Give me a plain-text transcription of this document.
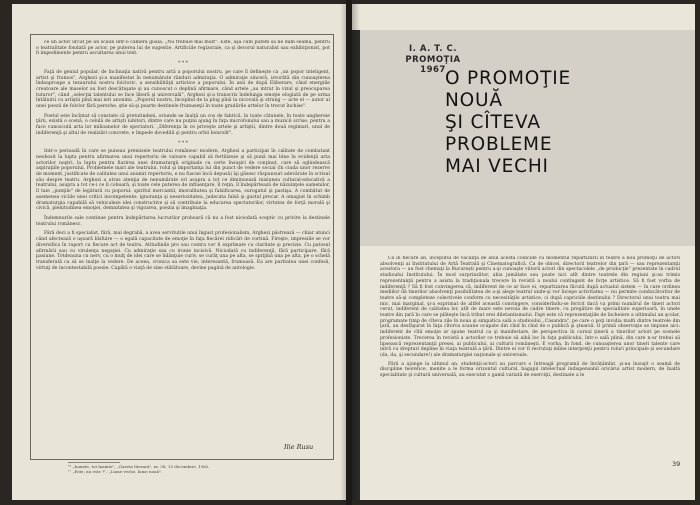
ce un actor urcat pe un scaun într-o cameră goală. „Nu trebuie mai mult". Este, aşa cum putem să ne dăm seama, pentru o teatralitate fondată pe actor, pe puterea lui de sugestie. Artificiile regizorale, ca şi decorul naturalist sau exhibiţionist, pot fi impedimente pentru ascultarea unui text.

* * *

Faţă de geniul popular, de înclinaţia nativă pentru artă a poporului nostru, pe care îl defineşte ca „un popor inteligent, artist şi frumos", Arghezi şi-a manifestat în nenumărate rânduri admiraţia. O admiraţie sinceră, izvorâtă din cunoaşterea îndeaproape a tezaurului nostru folcloric, a sensibilităţii artistice a poporului. În anii de după Eliberare, când energiile creatoare ale maselor au fost descătuşate şi au cunoscut o deplină afirmare, când artele „au intrat în vizul şi preocuparea tuturor", când „selecţia talentului se face liberă şi universală", Arghezi şi-a transcris îndelunga emoţie elogiată de pe urma întâlnirii cu artiştii pînă mai ieri anonimi. „Poporul nostru, începînd de la plug pînă la nicovală şi strung — acte el — autor al unei poezii de folclor fără pereche, ştie să-şi poarte destinele frumuseţii în toate gradările artelor în trecut închise".

Poetul este încîntat să constate că pretutindeni, oriunde se înalţă un cos de fabrică, în toate cătunele, în toate unghereie ţării, există o scenă, o celulă de artişti iubitori, dintre care nu puţini ajung în faţa microfonului sau a muzicii scrise, pentru a face cunoscută arta lor milioanelor de spectatori. „Diferenţa în ce priveşte artele şi artiştii, dintre două regimuri, unul de indiferenţă şi altul de realizări concrete, e împede dovedită şi pentru orbii bonroilt".

* * *

Intr-o perioadă în care se puneau premisele teatrului românesc modern, Arghezi a participat în calitate de combatant neobosit la lupta pentru afirmarea unui repertoriu de valoare capabil să fertilizeze şi să pună mai bine în evidenţă arta actorilor noştri, la lupta pentru fiarirea unei dramaturgii originale cu certe însuşiri de conţinut, care să oglindească aspiraţiile poporului. Problemele mari ale teatrului, rolul şi importanţa lui din punct de vedere social (în ciuda unor rezerve de moment, justificate de calitatea unui anumit repertoriu, e nu fuscse încă depusă) îşi găsesc răspunsuri adevărate în scrisul său despre teatru. Arghezi a atras atenţia de nenumărate ori asupra a tot ce diminuează misiunea cultural-educativă a teatrului, asupra a tot ce-i ce îl coboară, şi toate cele puterea de influenţare, îl reţin, îl îndepărtează de năzuinţele oamenilor, îl taie „punţile" de legătură cu poporul: spiritul mercantil, imoralitatea şi falsificarea, surogatul şi pastişa. A combătut de asemenea viciile unei critici incompetente: ignoranţa şi neseriozitatea, judecata falsă şi gustul precar. A omagiat în schimb dramaturgia capabilă să vehiculeze idei constructive şi să contribuie la educarea spectatorilor, virtutea de forţă morală şi civică, plenitudinea emoţiei, demnitatea şi vigoarea, poezia şi imaginaţia.

Îndemnurile sale continue pentru îndepărtarea lucrurilor proboară că nu a fost niciodată sceptic cu privire la destinele teatrului românesc.

Fără deci a fi specialist, fără, mai degrabă, a avea servitutile unui îngust profesionalism, Arghezi păstrează — chiar atunci când afectează o uşoară bîsfuire — o egală capacitate de emoţie în faţa fiecărei ridicări de cortină. Fireşte, impresiile se vor diversifica în raport cu fiecare act de teatru. Atitudinile pro sau contra vor fi exprimate cu claritate şi precizie. Cu patosul afirmării sau cu virulenţa negaţiei. Cu admiraţie sau cu ironie incisivă. Niciodată cu indiferenţă, fără participare, fără pasiune. Totdeauna cu nerv, cu o mulţ de idei care se înlănţuie curiv, se curăţ una pe alta, se sprijină una pe alta, pe o schelă transferată ca să se inalţe la vedere. De aceea, cronica sa este vie, interesantă, frumoasă. Ea are puritatea unei confesii, virtuţi de incontestabilă poezie. Capătă o viaţă de sine stătătoare, devine pagină de antologie.

Ilie Rusu
¹⁶ „Inainte, tot înainte", „Gazeta literară", nr. 38, 13 decembrie, 1962.
¹⁷ „Este, nu este ?", „Lume veche, lume nouă".
I. A. T. C.
PROMOŢIA
1967 O PROMOŢIE
NOUĂ
ŞI CÎTEVA
PROBLEME
MAI VECHI

Ca în fiecare an, începutul de vacanţă de anul acesta coincide cu momentul repartizării în teatre a noii promoţii de actori absolvenţi ai Institutului de Artă Teatrală şi Cinematografică. Ca de obicei, directorii teatrelor din ţară — sau reprezentanţii acestora — au fost chemaţi la Bucureşti pentru a-şi cunoaşte viitorii actori din spectacolele „de producţie" prezentate în cadrul studioului Institutului. În mod surprinzător, abia jumătate sau poate nici atît dintre teatrele din regiuni şi-au trimis reprezentanţii pentru a asista la tradiţionala trecere în revistă a noului contingent de forţe artistice. Să fi fost vorba de indiferenţă ? Să fi fost convingerea că, indiferent de ce ar face ei, repartizarea făcută după actualul sistem — în care ordinea mediilor dă tinerilor absolvenţi posibilitatea de a-şi alege teatrul unde-şi vor începe activitatea — nu permite conducătorilor de teatre să-şi completeze colectivele conform cu necesităţile artistice, ci după capriciile destinului ? Directorul unui teatru mai mic, mai marginal, şi-a exprimat de altfel această convingere, considerîndu-se fericit dacă va primi numărul de tineri actori cerut, indiferent de calitatea lor, atît de mare este nevoia de cadre tinere, cu pregătire de specialitate superioară, în unele teatre din ţară în care se plăteşte încă tribut erei diletantismului. Fapt este că reprezentaţiile de încheiere a ultimului an şcolar, programate timp de cîteva zile în noua şi simpatica sală a studioului „Casandra", pe care o poţi invidia multi dintre teatrele din ţară, au desfăşurat în faţa cîtorva scaune ocupate din cînd în cînd de o publică şi ştearsă. O primă observaţie se impune aici: indiferent de cîtă emoţie ar spune teatrul ca şi manifestare, de perspectiva în cursul ţinerii a tinerilor actori pe scenele profesioniste. Trecerea în revistă a actorilor ce trebuie să aibă loc în faţa publicului, într-o sală plină, din care n-ar trebui să lipsească reprezentanţii presei, ai publicului, ai culturii româneşti. E vorba, în fond, de cunoaşterea unor tineri talente care intră cu drepturi depline în viaţa teatrală a ţării. Dintre ei vor fi recrutaţi mîine interpreţii pentru roluri principale şi secundare (da, da, şi secundare!) ale dramaturgiei naţionale şi universale.

Fără a ajunge la ultimul an, studenţii-actori au parcurs o întreagă programă de învăţămînt, şi-au însuşit o seamă de discipline teoretice, menite a le forma orizontul cultural, bagajul intelectual indispensabil oricărui artist modern, de înaltă specialitate şi cultură universală, au executat o gamă variată de exerciţii, destinate a le

39
